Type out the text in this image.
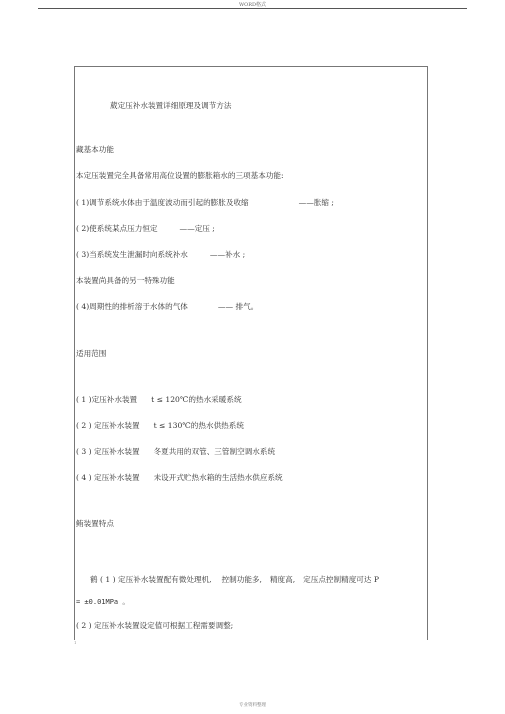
WORD格式
葳定压补水装置详细原理及调节方法
藏基本功能
本定压装置完全具备常用高位设置的膨胀箱水的三项基本功能:
( 1)调节系统水体由于温度波动而引起的膨胀及收缩	——胀缩 ;
( 2)使系统某点压力恒定	——定压 ;
( 3)当系统发生泄漏时向系统补水	——补水 ;
本装置尚具备的另一特殊功能
( 4)周期性的排析溶于水体的气体	—— 排气。
适用范围
( 1 )定压补水装置 t ≤ 120℃的热水采暖系统
( 2 ) 定压补水装置 t ≤ 130℃的热水供热系统
( 3 ) 定压补水装置 冬夏共用的双管、三管制空调水系统
( 4 ) 定压补水装置 未设开式贮热水箱的生活热水供应系统
鲔装置特点
鹤 ( 1 ) 定压补水装置配有微处理机, 控制功能多, 精度高, 定压点控制精度可达 P
= ±0.01MPa 。
( 2 ) 定压补水装置设定值可根据工程需要调整;
1
专业资料整理
